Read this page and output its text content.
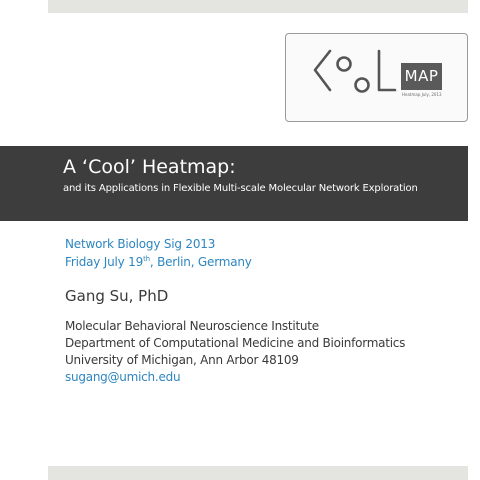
MAP
Heatmap July, 2013
A ‘Cool’ Heatmap:
and its Applications in Flexible Multi-scale Molecular Network Exploration
Network Biology Sig 2013
Friday July 19th, Berlin, Germany
Gang Su, PhD
Molecular Behavioral Neuroscience Institute
Department of Computational Medicine and Bioinformatics
University of Michigan, Ann Arbor 48109
sugang@umich.edu
